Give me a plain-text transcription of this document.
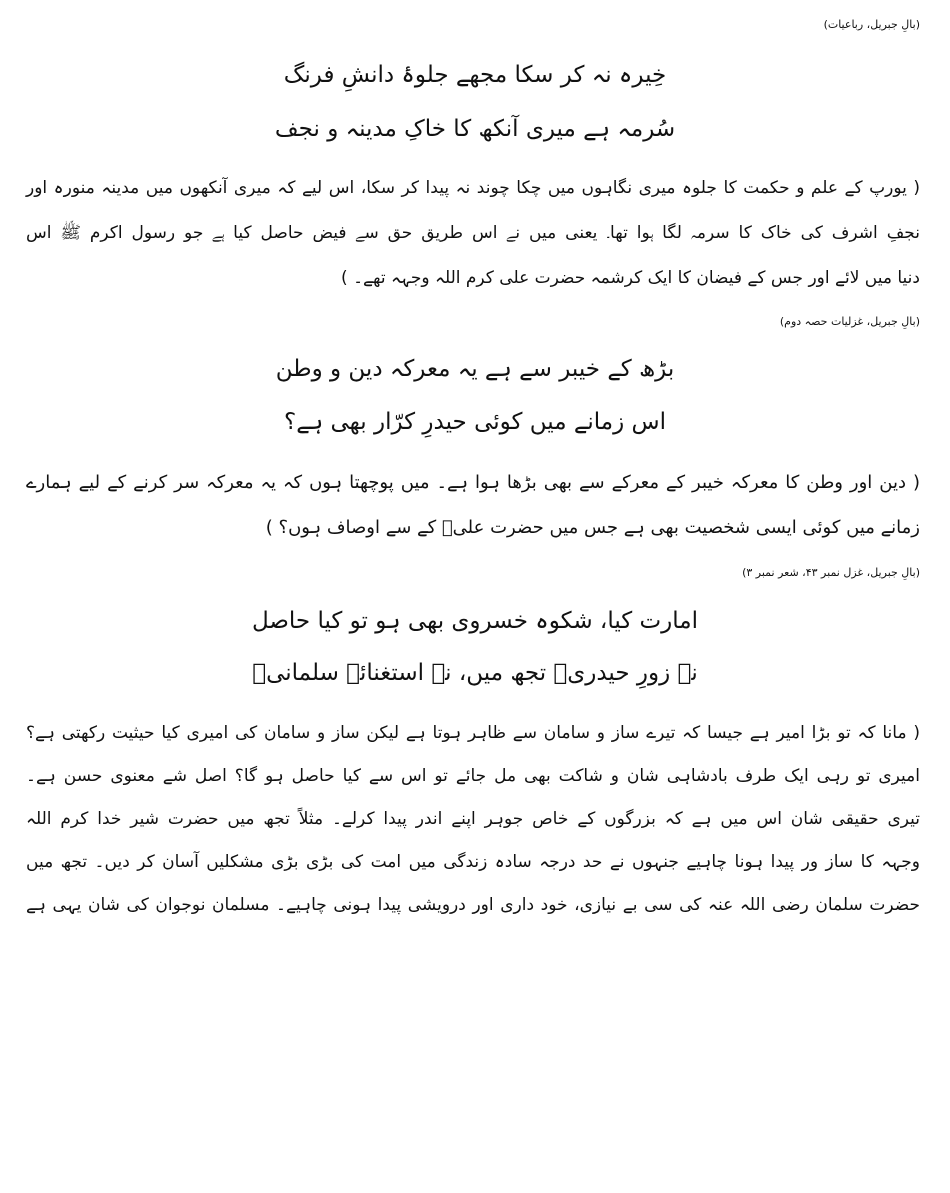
(بالِ جبریل، رباعیات)

خِیرہ نہ کر سکا مجھے جلوۂ دانشِ فرنگ

سُرمہ ہے میری آنکھ کا خاکِ مدینہ و نجف

( یورپ کے علم و حکمت کا جلوہ میری نگاہوں میں چکا چوند نہ پیدا کر سکا، اس لیے کہ میری آنکھوں میں مدینہ منورہ اور
نجفِ اشرف کی خاک کا سرمہ لگا ہوا تھا۔ یعنی میں نے اس طریق حق سے فیض حاصل کیا ہے جو رسول اکرم ﷺ اس
دنیا میں لائے اور جس کے فیضان کا ایک کرشمہ حضرت علی کرم اللہ وجہہ تھے۔ )

(بالِ جبریل، غزلیات حصہ دوم)

بڑھ کے خیبر سے ہے یہ معرکہ دین و وطن

اس زمانے میں کوئی حیدرِ کرّار بھی ہے؟

( دین اور وطن کا معرکہ خیبر کے معرکے سے بھی بڑھا ہوا ہے۔ میں پوچھتا ہوں کہ یہ معرکہ سر کرنے کے لیے ہمارے
زمانے میں کوئی ایسی شخصیت بھی ہے جس میں حضرت علیؓ کے سے اوصاف ہوں؟ )

(بالِ جبریل، غزل نمبر ۴۳، شعر نمبر ۳)

امارت کیا، شکوہ خسروی بھی ہو تو کیا حاصل

نہ زورِ حیدریؓ تجھ میں، نہ استغنائے سلمانیؓ

( مانا کہ تو بڑا امیر ہے جیسا کہ تیرے ساز و سامان سے ظاہر ہوتا ہے لیکن ساز و سامان کی امیری کیا حیثیت رکھتی ہے؟
امیری تو رہی ایک طرف بادشاہی شان و شاکت بھی مل جائے تو اس سے کیا حاصل ہو گا؟ اصل شے معنوی حسن ہے۔
تیری حقیقی شان اس میں ہے کہ بزرگوں کے خاص جوہر اپنے اندر پیدا کرلے۔ مثلاً تجھ میں حضرت شیر خدا کرم اللہ
وجہہ کا ساز ور پیدا ہونا چاہیے جنہوں نے حد درجہ سادہ زندگی میں امت کی بڑی بڑی مشکلیں آسان کر دیں۔ تجھ میں
حضرت سلمان رضی اللہ عنہ کی سی بے نیازی، خود داری اور درویشی پیدا ہونی چاہیے۔ مسلمان نوجوان کی شان یہی ہے
